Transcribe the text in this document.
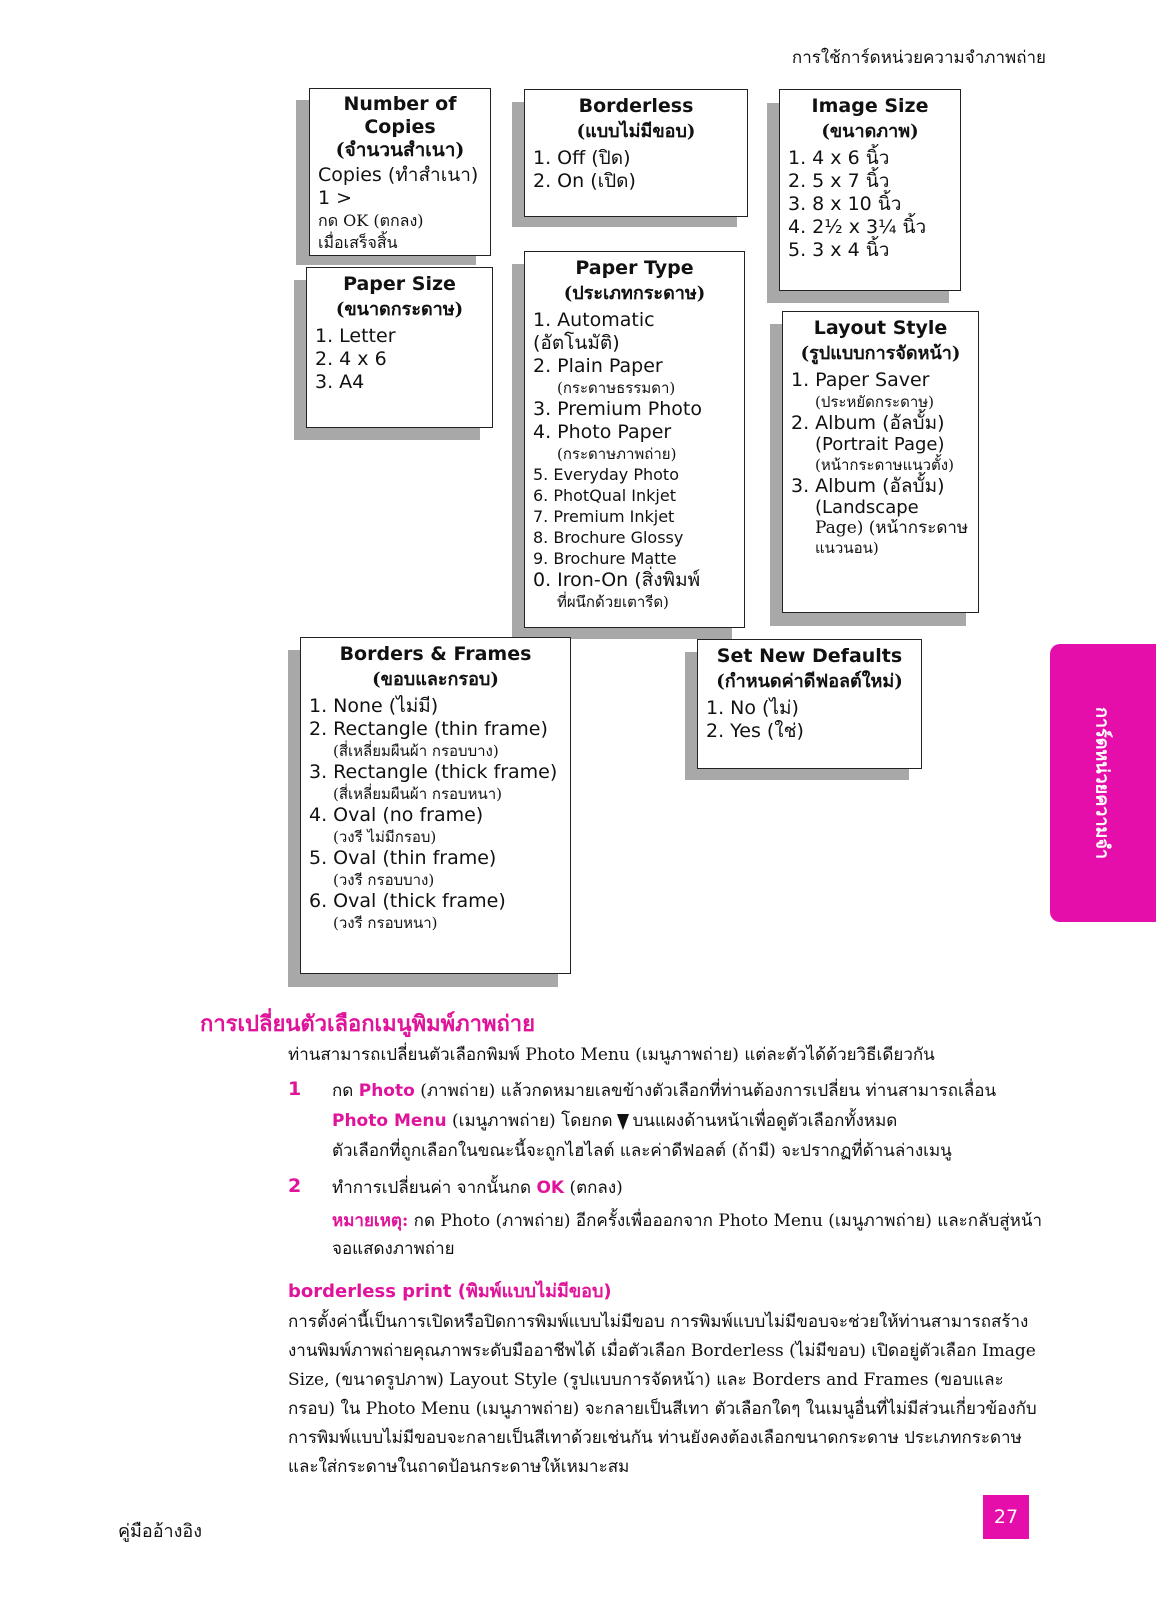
การใช้การ์ดหน่วยความจำภาพถ่าย
Number of Copies
(จำนวนสำเนา)
Copies (ทำสำเนา)
1 >
กด OK (ตกลง)
เมื่อเสร็จสิ้น
Borderless
(แบบไม่มีขอบ)
1. Off (ปิด)
2. On (เปิด)
Image Size
(ขนาดภาพ)
1. 4 x 6 นิ้ว
2. 5 x 7 นิ้ว
3. 8 x 10 นิ้ว
4. 2½ x 3¼ นิ้ว
5. 3 x 4 นิ้ว
Paper Size
(ขนาดกระดาษ)
1. Letter
2. 4 x 6
3. A4
Paper Type
(ประเภทกระดาษ)
1. Automatic (อัตโนมัติ)
2. Plain Paper
(กระดาษธรรมดา)
3. Premium Photo
4. Photo Paper
(กระดาษภาพถ่าย)
5. Everyday Photo
6. PhotQual Inkjet
7. Premium Inkjet
8. Brochure Glossy
9. Brochure Matte
0. Iron-On (สิ่งพิมพ์
ที่ผนึกด้วยเตารีด)
Layout Style
(รูปแบบการจัดหน้า)
1. Paper Saver
(ประหยัดกระดาษ)
2. Album (อัลบั้ม)
(Portrait Page)
(หน้ากระดาษแนวตั้ง)
3. Album (อัลบั้ม)
(Landscape
Page) (หน้ากระดาษ
แนวนอน)
Borders & Frames
(ขอบและกรอบ)
1. None (ไม่มี)
2. Rectangle (thin frame)
(สี่เหลี่ยมผืนผ้า กรอบบาง)
3. Rectangle (thick frame)
(สี่เหลี่ยมผืนผ้า กรอบหนา)
4. Oval (no frame)
(วงรี ไม่มีกรอบ)
5. Oval (thin frame)
(วงรี กรอบบาง)
6. Oval (thick frame)
(วงรี กรอบหนา)
Set New Defaults
(กำหนดค่าดีฟอลต์ใหม่)
1. No (ไม่)
2. Yes (ใช่)	การ์ดหน่วยความจำ
การเปลี่ยนตัวเลือกเมนูพิมพ์ภาพถ่าย
ท่านสามารถเปลี่ยนตัวเลือกพิมพ์ Photo Menu (เมนูภาพถ่าย) แต่ละตัวได้ด้วยวิธีเดียวกัน
1 กด Photo (ภาพถ่าย) แล้วกดหมายเลขข้างตัวเลือกที่ท่านต้องการเปลี่ยน ท่านสามารถเลื่อน
Photo Menu (เมนูภาพถ่าย) โดยกด บนแผงด้านหน้าเพื่อดูตัวเลือกทั้งหมด
ตัวเลือกที่ถูกเลือกในขณะนี้จะถูกไฮไลต์ และค่าดีฟอลต์ (ถ้ามี) จะปรากฏที่ด้านล่างเมนู
2 ทำการเปลี่ยนค่า จากนั้นกด OK (ตกลง)
หมายเหตุ: กด Photo (ภาพถ่าย) อีกครั้งเพื่อออกจาก Photo Menu (เมนูภาพถ่าย) และกลับสู่หน้าจอแสดงภาพถ่าย
borderless print (พิมพ์แบบไม่มีขอบ)
การตั้งค่านี้เป็นการเปิดหรือปิดการพิมพ์แบบไม่มีขอบ การพิมพ์แบบไม่มีขอบจะช่วยให้ท่านสามารถสร้างงานพิมพ์ภาพถ่ายคุณภาพระดับมืออาชีพได้ เมื่อตัวเลือก Borderless (ไม่มีขอบ) เปิดอยู่ตัวเลือก Image Size, (ขนาดรูปภาพ) Layout Style (รูปแบบการจัดหน้า) และ Borders and Frames (ขอบและกรอบ) ใน Photo Menu (เมนูภาพถ่าย) จะกลายเป็นสีเทา ตัวเลือกใดๆ ในเมนูอื่นที่ไม่มีส่วนเกี่ยวข้องกับการพิมพ์แบบไม่มีขอบจะกลายเป็นสีเทาด้วยเช่นกัน ท่านยังคงต้องเลือกขนาดกระดาษ ประเภทกระดาษ และใส่กระดาษในถาดป้อนกระดาษให้เหมาะสม
คู่มืออ้างอิง
27
